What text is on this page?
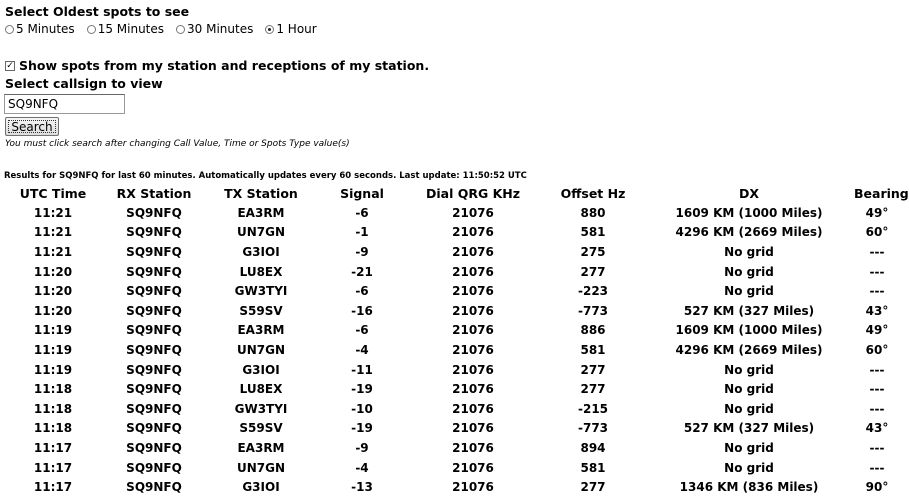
Select Oldest spots to see
5 Minutes 15 Minutes 30 Minutes 1 Hour
✓ Show spots from my station and receptions of my station.
Select callsign to view
SQ9NFQ
Search
You must click search after changing Call Value, Time or Spots Type value(s)
Results for SQ9NFQ for last 60 minutes. Automatically updates every 60 seconds. Last update: 11:50:52 UTC
UTC Time	RX Station	TX Station	Signal	Dial QRG KHz	Offset Hz	DX	Bearing
11:21	SQ9NFQ	EA3RM	-6	21076	880	1609 KM (1000 Miles)	49°
11:21	SQ9NFQ	UN7GN	-1	21076	581	4296 KM (2669 Miles)	60°
11:21	SQ9NFQ	G3IOI	-9	21076	275	No grid	---
11:20	SQ9NFQ	LU8EX	-21	21076	277	No grid	---
11:20	SQ9NFQ	GW3TYI	-6	21076	-223	No grid	---
11:20	SQ9NFQ	S59SV	-16	21076	-773	527 KM (327 Miles)	43°
11:19	SQ9NFQ	EA3RM	-6	21076	886	1609 KM (1000 Miles)	49°
11:19	SQ9NFQ	UN7GN	-4	21076	581	4296 KM (2669 Miles)	60°
11:19	SQ9NFQ	G3IOI	-11	21076	277	No grid	---
11:18	SQ9NFQ	LU8EX	-19	21076	277	No grid	---
11:18	SQ9NFQ	GW3TYI	-10	21076	-215	No grid	---
11:18	SQ9NFQ	S59SV	-19	21076	-773	527 KM (327 Miles)	43°
11:17	SQ9NFQ	EA3RM	-9	21076	894	No grid	---
11:17	SQ9NFQ	UN7GN	-4	21076	581	No grid	---
11:17	SQ9NFQ	G3IOI	-13	21076	277	1346 KM (836 Miles)	90°
